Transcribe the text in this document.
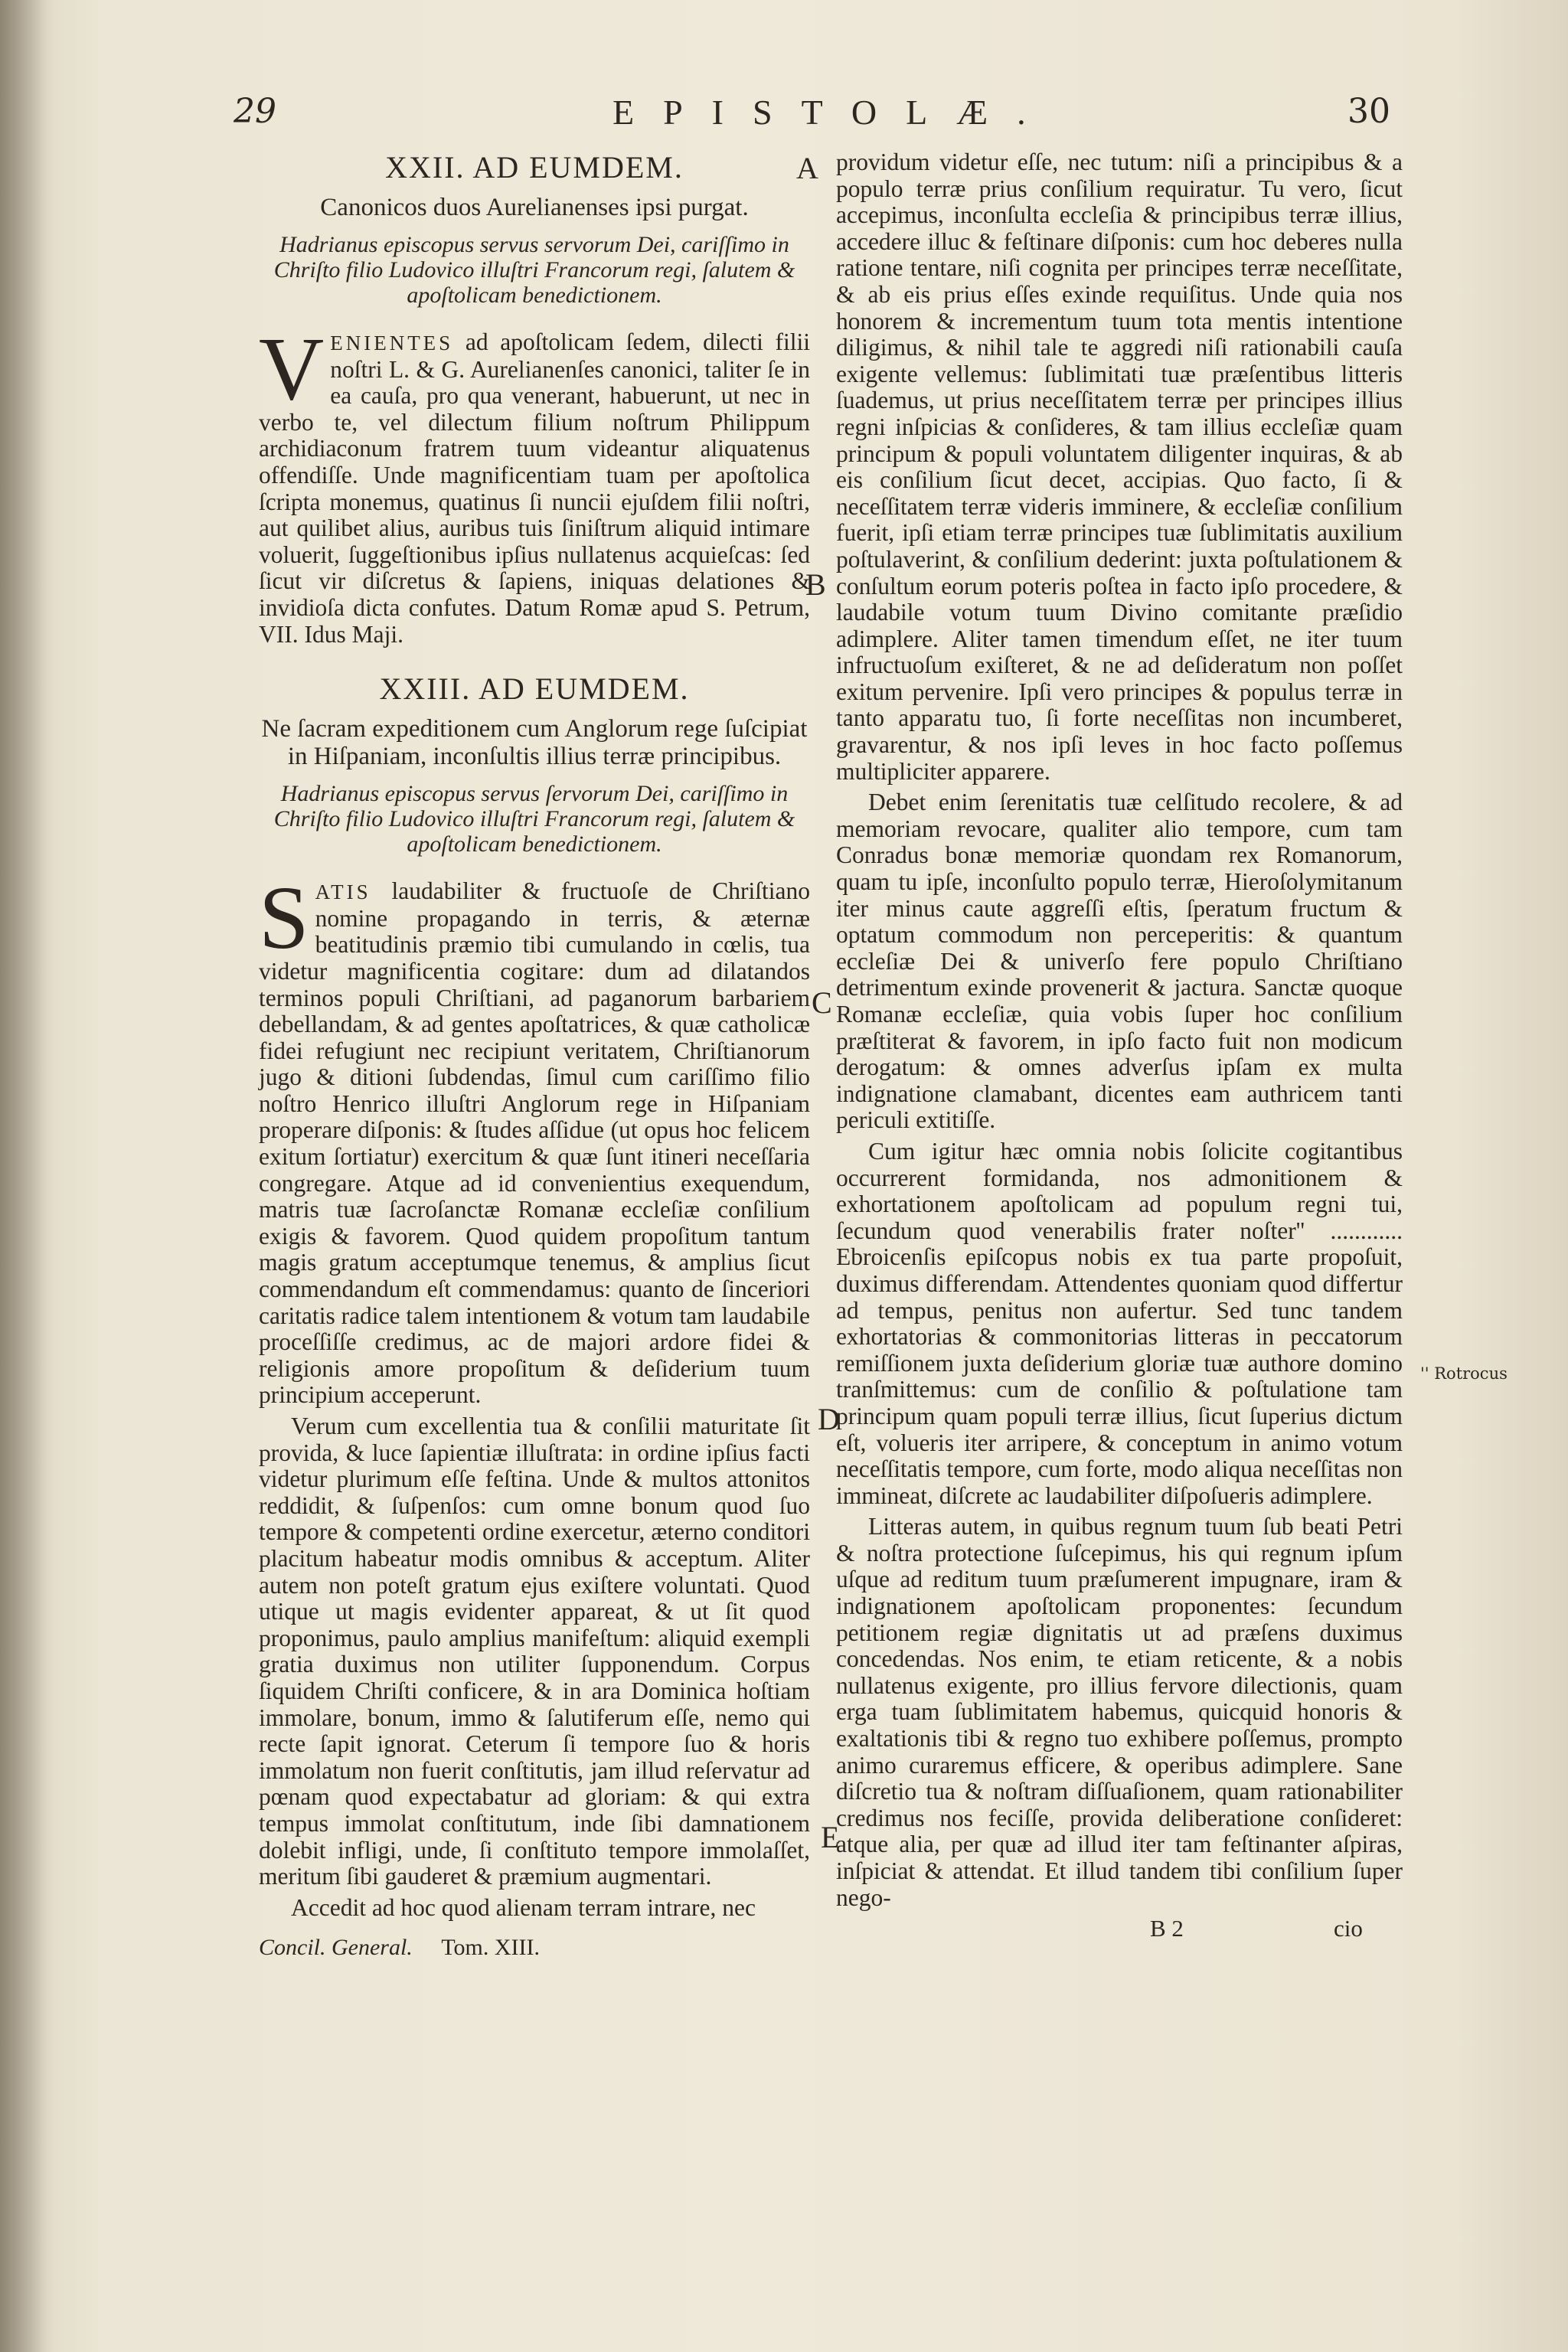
29	EPISTOLÆ.	30
XXII. AD EUMDEM.
Canonicos duos Aurelianenses ipsi purgat.
Hadrianus episcopus servus servorum Dei, cariſſimo in Chriſto filio Ludovico illuſtri Francorum regi, ſalutem & apoſtolicam benedictionem.
V ENIENTES ad apoſtolicam ſedem, dilecti filii noſtri L. & G. Aurelianenſes canonici, taliter ſe in ea cauſa, pro qua venerant, habuerunt, ut nec in verbo te, vel dilectum filium noſtrum Philippum archidiaconum fratrem tuum videantur aliquatenus offendiſſe. Unde magnificentiam tuam per apoſtolica ſcripta monemus, quatinus ſi nuncii ejuſdem filii noſtri, aut quilibet alius, auribus tuis ſiniſtrum aliquid intimare voluerit, ſuggeſtionibus ipſius nullatenus acquieſcas: ſed ſicut vir diſcretus & ſapiens, iniquas delationes & invidioſa dicta confutes. Datum Romæ apud S. Petrum, VII. Idus Maji.
XXIII. AD EUMDEM.
Ne ſacram expeditionem cum Anglorum rege ſuſcipiat in Hiſpaniam, inconſultis illius terræ principibus.
Hadrianus episcopus servus ſervorum Dei, cariſſimo in Chriſto filio Ludovico illuſtri Francorum regi, ſalutem & apoſtolicam benedictionem.
S ATIS laudabiliter & fructuoſe de Chriſtiano nomine propagando in terris, & æternæ beatitudinis præmio tibi cumulando in cœlis, tua videtur magnificentia cogitare: dum ad dilatandos terminos populi Chriſtiani, ad paganorum barbariem debellandam, & ad gentes apoſtatrices, & quæ catholicæ fidei refugiunt nec recipiunt veritatem, Chriſtianorum jugo & ditioni ſubdendas, ſimul cum cariſſimo filio noſtro Henrico illuſtri Anglorum rege in Hiſpaniam properare diſponis: & ſtudes aſſidue (ut opus hoc felicem exitum ſortiatur) exercitum & quæ ſunt itineri neceſſaria congregare. Atque ad id convenientius exequendum, matris tuæ ſacroſanctæ Romanæ eccleſiæ conſilium exigis & favorem. Quod quidem propoſitum tantum magis gratum acceptumque tenemus, & amplius ſicut commendandum eſt commendamus: quanto de ſinceriori caritatis radice talem intentionem & votum tam laudabile proceſſiſſe credimus, ac de majori ardore fidei & religionis amore propoſitum & deſiderium tuum principium acceperunt.
Verum cum excellentia tua & conſilii maturitate ſit provida, & luce ſapientiæ illuſtrata: in ordine ipſius facti videtur plurimum eſſe feſtina. Unde & multos attonitos reddidit, & ſuſpenſos: cum omne bonum quod ſuo tempore & competenti ordine exercetur, æterno conditori placitum habeatur modis omnibus & acceptum. Aliter autem non poteſt gratum ejus exiſtere voluntati. Quod utique ut magis evidenter appareat, & ut ſit quod proponimus, paulo amplius manifeſtum: aliquid exempli gratia duximus non utiliter ſupponendum. Corpus ſiquidem Chriſti conficere, & in ara Dominica hoſtiam immolare, bonum, immo & ſalutiferum eſſe, nemo qui recte ſapit ignorat. Ceterum ſi tempore ſuo & horis immolatum non fuerit conſtitutis, jam illud reſervatur ad pœnam quod expectabatur ad gloriam: & qui extra tempus immolat conſtitutum, inde ſibi damnationem dolebit infligi, unde, ſi conſtituto tempore immolaſſet, meritum ſibi gauderet & præmium augmentari.
Accedit ad hoc quod alienam terram intrare, nec
Concil. General. Tom. XIII.
providum videtur eſſe, nec tutum: niſi a principibus & a populo terræ prius conſilium requiratur. Tu vero, ſicut accepimus, inconſulta eccleſia & principibus terræ illius, accedere illuc & feſtinare diſponis: cum hoc deberes nulla ratione tentare, niſi cognita per principes terræ neceſſitate, & ab eis prius eſſes exinde requiſitus. Unde quia nos honorem & incrementum tuum tota mentis intentione diligimus, & nihil tale te aggredi niſi rationabili cauſa exigente vellemus: ſublimitati tuæ præſentibus litteris ſuademus, ut prius neceſſitatem terræ per principes illius regni inſpicias & conſideres, & tam illius eccleſiæ quam principum & populi voluntatem diligenter inquiras, & ab eis conſilium ſicut decet, accipias. Quo facto, ſi & neceſſitatem terræ videris imminere, & eccleſiæ conſilium fuerit, ipſi etiam terræ principes tuæ ſublimitatis auxilium poſtulaverint, & conſilium dederint: juxta poſtulationem & conſultum eorum poteris poſtea in facto ipſo procedere, & laudabile votum tuum Divino comitante præſidio adimplere. Aliter tamen timendum eſſet, ne iter tuum infructuoſum exiſteret, & ne ad deſideratum non poſſet exitum pervenire. Ipſi vero principes & populus terræ in tanto apparatu tuo, ſi forte neceſſitas non incumberet, gravarentur, & nos ipſi leves in hoc facto poſſemus multipliciter apparere.
Debet enim ſerenitatis tuæ celſitudo recolere, & ad memoriam revocare, qualiter alio tempore, cum tam Conradus bonæ memoriæ quondam rex Romanorum, quam tu ipſe, inconſulto populo terræ, Hieroſolymitanum iter minus caute aggreſſi eſtis, ſperatum fructum & optatum commodum non perceperitis: & quantum eccleſiæ Dei & univerſo fere populo Chriſtiano detrimentum exinde provenerit & jactura. Sanctæ quoque Romanæ eccleſiæ, quia vobis ſuper hoc conſilium præſtiterat & favorem, in ipſo facto fuit non modicum derogatum: & omnes adverſus ipſam ex multa indignatione clamabant, dicentes eam authricem tanti periculi extitiſſe.
Cum igitur hæc omnia nobis ſolicite cogitantibus occurrerent formidanda, nos admonitionem & exhortationem apoſtolicam ad populum regni tui, ſecundum quod venerabilis frater noſter'' ............ Ebroicenſis epiſcopus nobis ex tua parte propoſuit, duximus differendam. Attendentes quoniam quod differtur ad tempus, penitus non aufertur. Sed tunc tandem exhortatorias & commonitorias litteras in peccatorum remiſſionem juxta deſiderium gloriæ tuæ authore domino tranſmittemus: cum de conſilio & poſtulatione tam principum quam populi terræ illius, ſicut ſuperius dictum eſt, volueris iter arripere, & conceptum in animo votum neceſſitatis tempore, cum forte, modo aliqua neceſſitas non immineat, diſcrete ac laudabiliter diſpoſueris adimplere.
Litteras autem, in quibus regnum tuum ſub beati Petri & noſtra protectione ſuſcepimus, his qui regnum ipſum uſque ad reditum tuum præſumerent impugnare, iram & indignationem apoſtolicam proponentes: ſecundum petitionem regiæ dignitatis ut ad præſens duximus concedendas. Nos enim, te etiam reticente, & a nobis nullatenus exigente, pro illius fervore dilectionis, quam erga tuam ſublimitatem habemus, quicquid honoris & exaltationis tibi & regno tuo exhibere poſſemus, prompto animo curaremus efficere, & operibus adimplere. Sane diſcretio tua & noſtram diſſuaſionem, quam rationabiliter credimus nos feciſſe, provida deliberatione conſideret: atque alia, per quæ ad illud iter tam feſtinanter aſpiras, inſpiciat & attendat. Et illud tandem tibi conſilium ſuper nego-
B 2	cio
A
B
C
D
E
'' Rotrocus
